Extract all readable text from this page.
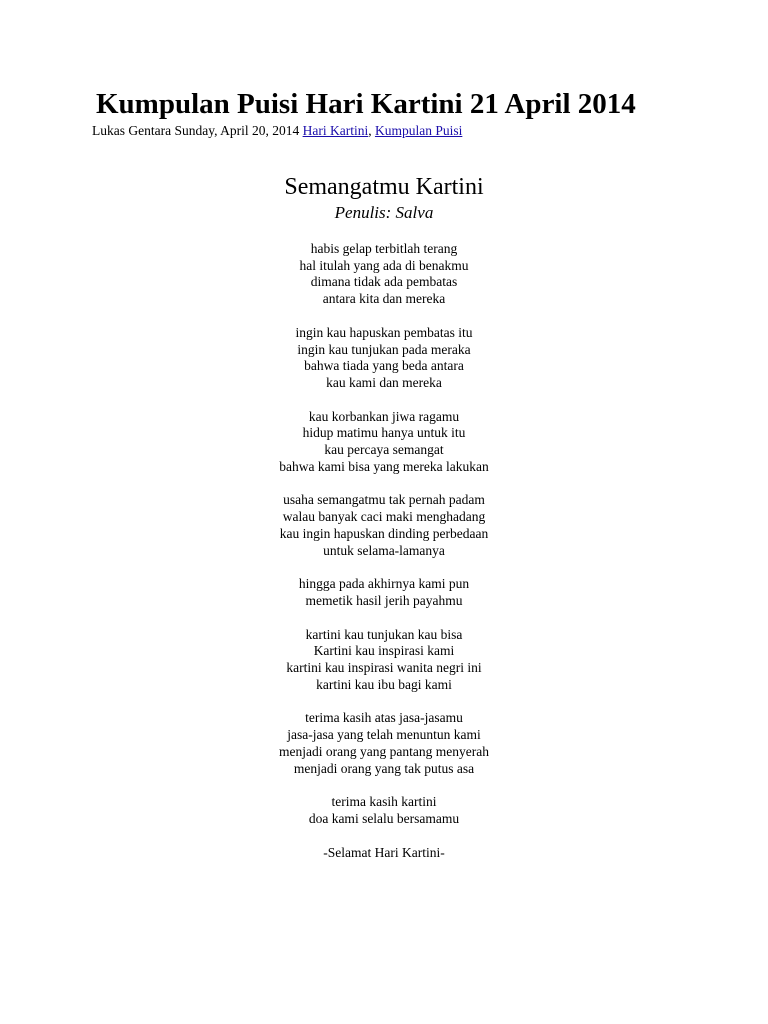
Kumpulan Puisi Hari Kartini 21 April 2014
Lukas Gentara Sunday, April 20, 2014 Hari Kartini, Kumpulan Puisi
Semangatmu Kartini
Penulis: Salva
habis gelap terbitlah terang
hal itulah yang ada di benakmu
dimana tidak ada pembatas
antara kita dan mereka
ingin kau hapuskan pembatas itu
ingin kau tunjukan pada meraka
bahwa tiada yang beda antara
kau kami dan mereka
kau korbankan jiwa ragamu
hidup matimu hanya untuk itu
kau percaya semangat
bahwa kami bisa yang mereka lakukan
usaha semangatmu tak pernah padam
walau banyak caci maki menghadang
kau ingin hapuskan dinding perbedaan
untuk selama-lamanya
hingga pada akhirnya kami pun
memetik hasil jerih payahmu
kartini kau tunjukan kau bisa
Kartini kau inspirasi kami
kartini kau inspirasi wanita negri ini
kartini kau ibu bagi kami
terima kasih atas jasa-jasamu
jasa-jasa yang telah menuntun kami
menjadi orang yang pantang menyerah
menjadi orang yang tak putus asa
terima kasih kartini
doa kami selalu bersamamu
-Selamat Hari Kartini-
